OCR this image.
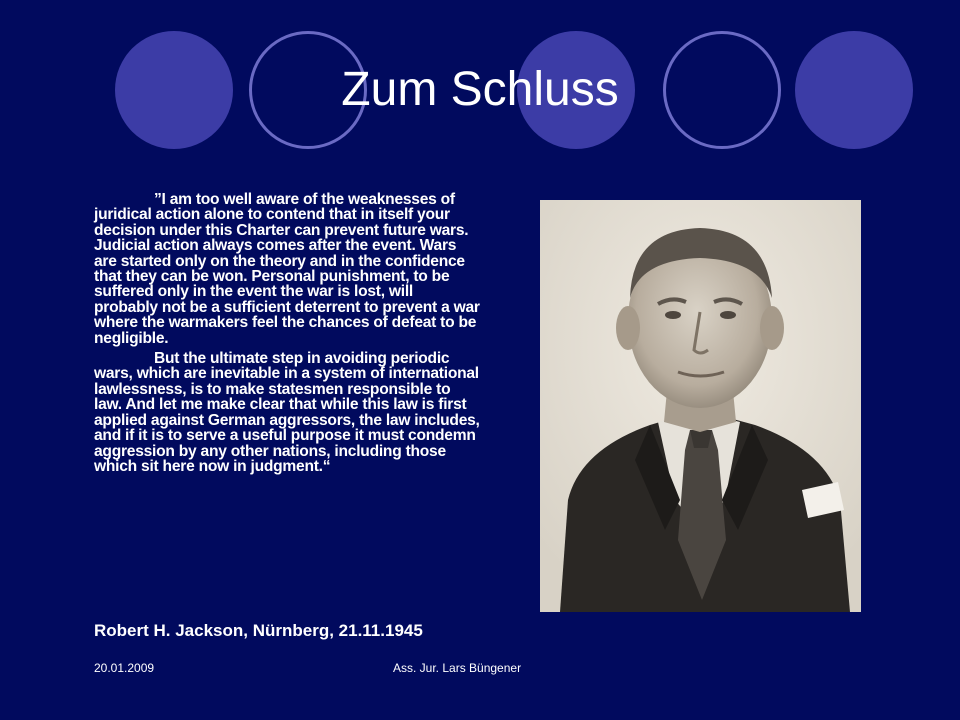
Zum Schluss

”I am too well aware of the weaknesses of juridical action alone to contend that in itself your decision under this Charter can prevent future wars. Judicial action always comes after the event. Wars are started only on the theory and in the confidence that they can be won. Personal punishment, to be suffered only in the event the war is lost, will probably not be a sufficient deterrent to prevent a war where the warmakers feel the chances of defeat to be negligible.

But the ultimate step in avoiding periodic wars, which are inevitable in a system of international lawlessness, is to make statesmen responsible to law. And let me make clear that while this law is first applied against German aggressors, the law includes, and if it is to serve a useful purpose it must condemn aggression by any other nations, including those which sit here now in judgment.“

Robert H. Jackson, Nürnberg, 21.11.1945
20.01.2009	Ass. Jur. Lars Büngener
